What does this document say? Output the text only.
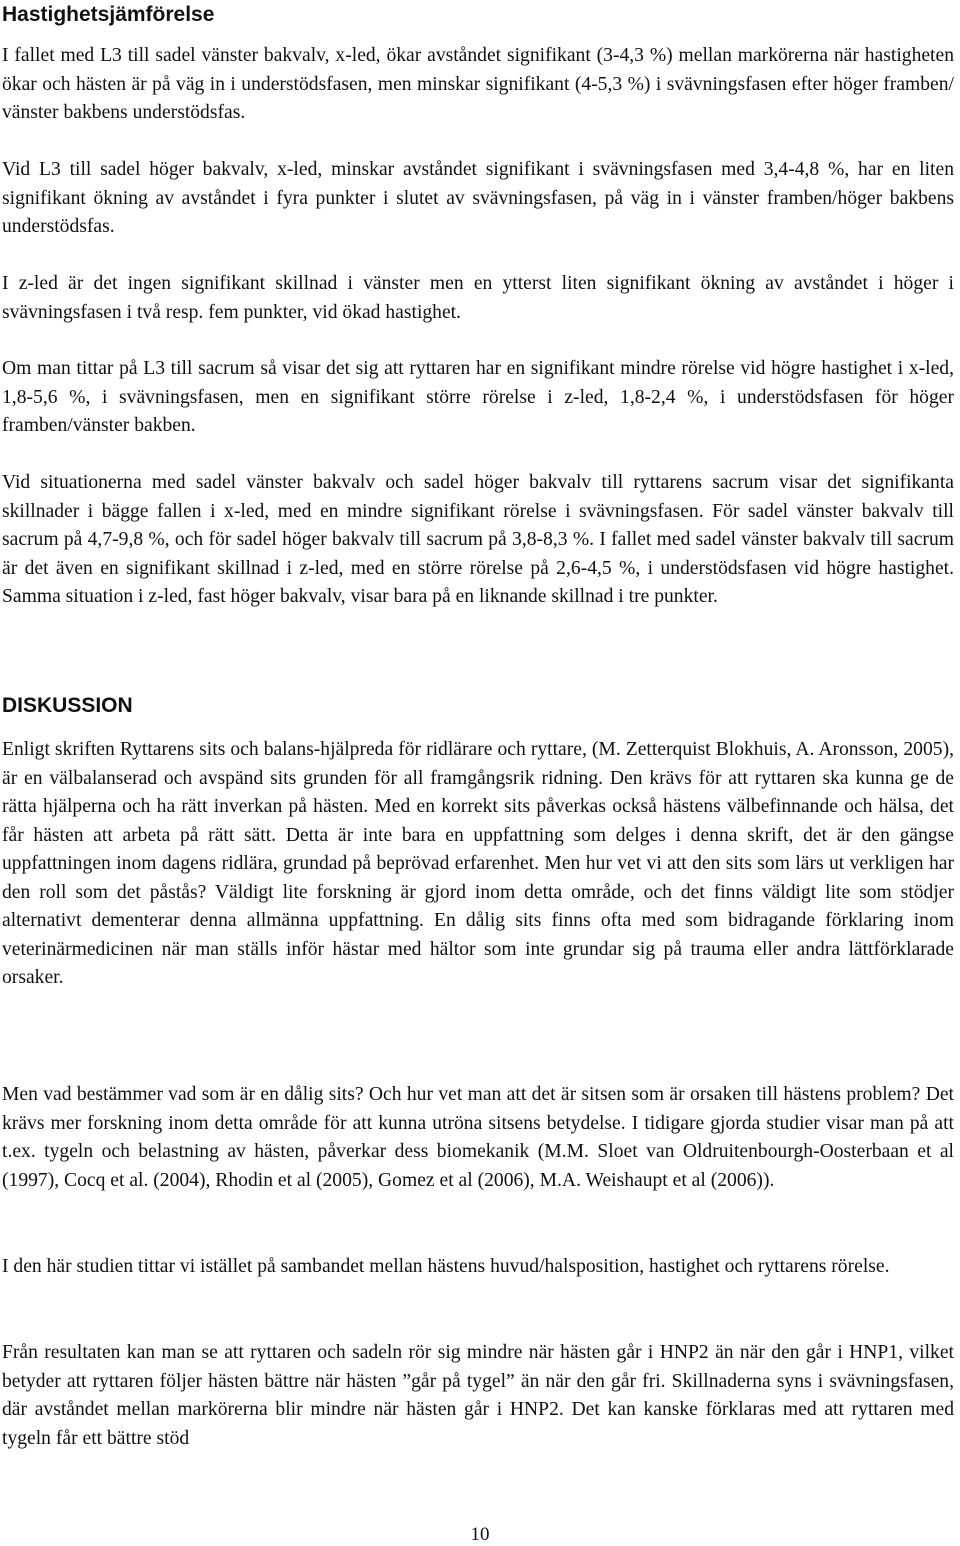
Hastighetsjämförelse

I fallet med L3 till sadel vänster bakvalv, x-led, ökar avståndet signifikant (3-4,3 %) mellan markörerna när hastigheten ökar och hästen är på väg in i understödsfasen, men minskar signifikant (4-5,3 %) i svävningsfasen efter höger framben/ vänster bakbens understödsfas.

Vid L3 till sadel höger bakvalv, x-led, minskar avståndet signifikant i svävningsfasen med 3,4-4,8 %, har en liten signifikant ökning av avståndet i fyra punkter i slutet av svävningsfasen, på väg in i vänster framben/höger bakbens understödsfas.

I z-led är det ingen signifikant skillnad i vänster men en ytterst liten signifikant ökning av avståndet i höger i svävningsfasen i två resp. fem punkter, vid ökad hastighet.

Om man tittar på L3 till sacrum så visar det sig att ryttaren har en signifikant mindre rörelse vid högre hastighet i x-led, 1,8-5,6 %, i svävningsfasen, men en signifikant större rörelse i z-led, 1,8-2,4 %, i understödsfasen för höger framben/vänster bakben.

Vid situationerna med sadel vänster bakvalv och sadel höger bakvalv till ryttarens sacrum visar det signifikanta skillnader i bägge fallen i x-led, med en mindre signifikant rörelse i svävningsfasen. För sadel vänster bakvalv till sacrum på 4,7-9,8 %, och för sadel höger bakvalv till sacrum på 3,8-8,3 %. I fallet med sadel vänster bakvalv till sacrum är det även en signifikant skillnad i z-led, med en större rörelse på 2,6-4,5 %, i understödsfasen vid högre hastighet. Samma situation i z-led, fast höger bakvalv, visar bara på en liknande skillnad i tre punkter.

DISKUSSION

Enligt skriften Ryttarens sits och balans-hjälpreda för ridlärare och ryttare, (M. Zetterquist Blokhuis, A. Aronsson, 2005), är en välbalanserad och avspänd sits grunden för all framgångsrik ridning. Den krävs för att ryttaren ska kunna ge de rätta hjälperna och ha rätt inverkan på hästen. Med en korrekt sits påverkas också hästens välbefinnande och hälsa, det får hästen att arbeta på rätt sätt. Detta är inte bara en uppfattning som delges i denna skrift, det är den gängse uppfattningen inom dagens ridlära, grundad på beprövad erfarenhet. Men hur vet vi att den sits som lärs ut verkligen har den roll som det påstås? Väldigt lite forskning är gjord inom detta område, och det finns väldigt lite som stödjer alternativt dementerar denna allmänna uppfattning. En dålig sits finns ofta med som bidragande förklaring inom veterinärmedicinen när man ställs inför hästar med hältor som inte grundar sig på trauma eller andra lättförklarade orsaker.

Men vad bestämmer vad som är en dålig sits? Och hur vet man att det är sitsen som är orsaken till hästens problem? Det krävs mer forskning inom detta område för att kunna utröna sitsens betydelse. I tidigare gjorda studier visar man på att t.ex. tygeln och belastning av hästen, påverkar dess biomekanik (M.M. Sloet van Oldruitenbourgh-Oosterbaan et al (1997), Cocq et al. (2004), Rhodin et al (2005), Gomez et al (2006), M.A. Weishaupt et al (2006)).

I den här studien tittar vi istället på sambandet mellan hästens huvud/halsposition, hastighet och ryttarens rörelse.

Från resultaten kan man se att ryttaren och sadeln rör sig mindre när hästen går i HNP2 än när den går i HNP1, vilket betyder att ryttaren följer hästen bättre när hästen ”går på tygel” än när den går fri. Skillnaderna syns i svävningsfasen, där avståndet mellan markörerna blir mindre när hästen går i HNP2. Det kan kanske förklaras med att ryttaren med tygeln får ett bättre stöd

10
